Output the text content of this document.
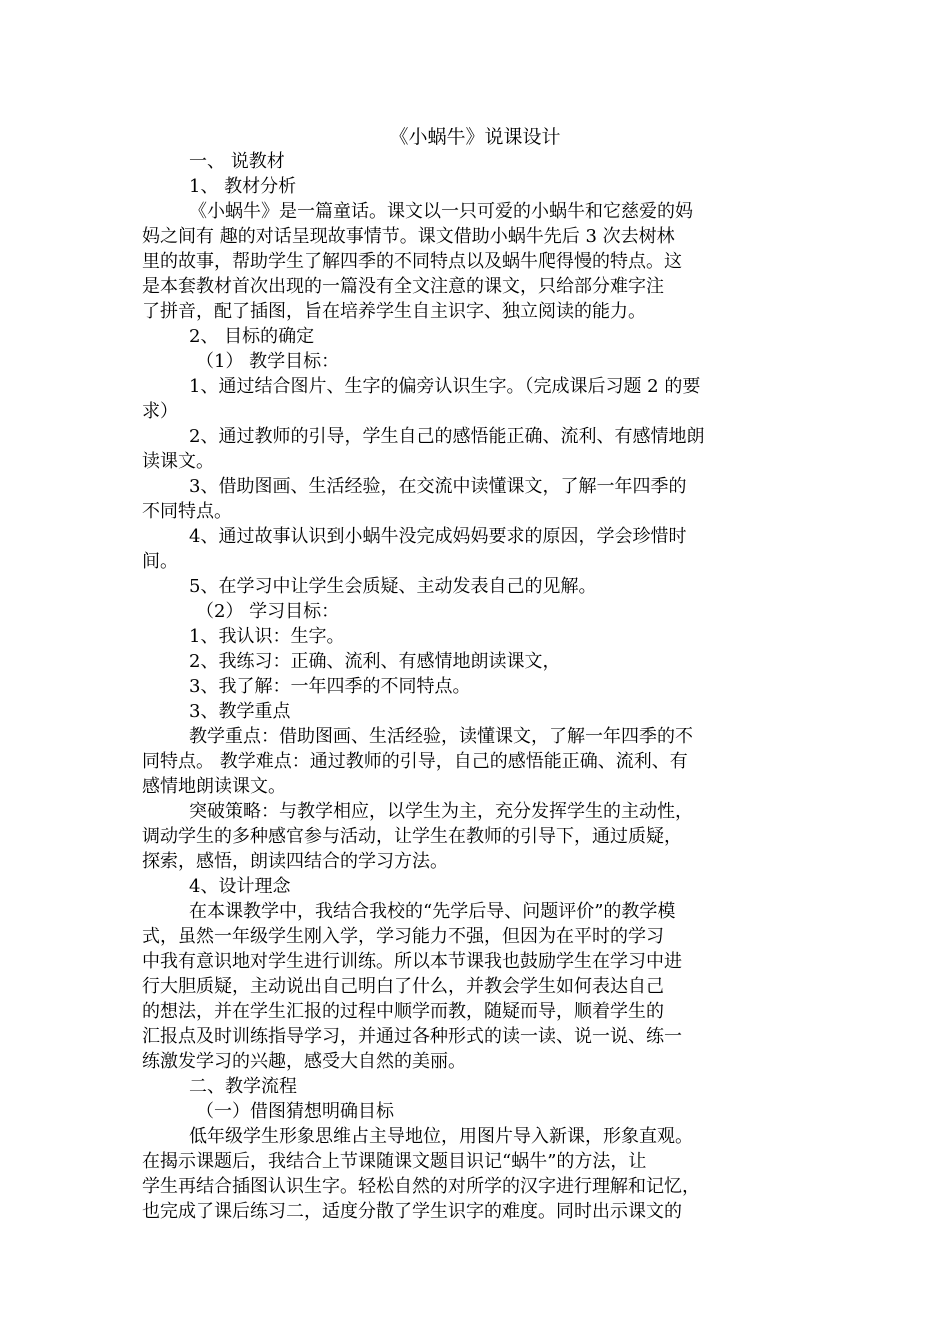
《小蜗牛》说课设计
一、 说教材
1、 教材分析
《小蜗牛》是一篇童话。课文以一只可爱的小蜗牛和它慈爱的妈
妈之间有 趣的对话呈现故事情节。课文借助小蜗牛先后 3 次去树林
里的故事，帮助学生了解四季的不同特点以及蜗牛爬得慢的特点。这
是本套教材首次出现的一篇没有全文注意的课文，只给部分难字注
了拼音，配了插图，旨在培养学生自主识字、独立阅读的能力。
2、 目标的确定
（1） 教学目标：
1、通过结合图片、生字的偏旁认识生字。（完成课后习题 2 的要
求）
2、通过教师的引导，学生自己的感悟能正确、流利、有感情地朗
读课文。
3、借助图画、生活经验，在交流中读懂课文，了解一年四季的
不同特点。
4、通过故事认识到小蜗牛没完成妈妈要求的原因，学会珍惜时
间。
5、在学习中让学生会质疑、主动发表自己的见解。
（2） 学习目标：
1、我认识：生字。
2、我练习：正确、流利、有感情地朗读课文，
3、我了解：一年四季的不同特点。
3、教学重点
教学重点：借助图画、生活经验，读懂课文，了解一年四季的不
同特点。 教学难点：通过教师的引导，自己的感悟能正确、流利、有
感情地朗读课文。
突破策略：与教学相应，以学生为主，充分发挥学生的主动性，
调动学生的多种感官参与活动，让学生在教师的引导下，通过质疑，
探索，感悟，朗读四结合的学习方法。
4、设计理念
在本课教学中，我结合我校的“先学后导、问题评价”的教学模
式，虽然一年级学生刚入学，学习能力不强，但因为在平时的学习
中我有意识地对学生进行训练。所以本节课我也鼓励学生在学习中进
行大胆质疑，主动说出自己明白了什么，并教会学生如何表达自己
的想法，并在学生汇报的过程中顺学而教，随疑而导，顺着学生的
汇报点及时训练指导学习，并通过各种形式的读一读、说一说、练一
练激发学习的兴趣，感受大自然的美丽。
二、教学流程
（一）借图猜想明确目标
低年级学生形象思维占主导地位，用图片导入新课，形象直观。
在揭示课题后，我结合上节课随课文题目识记“蜗牛”的方法，让
学生再结合插图认识生字。轻松自然的对所学的汉字进行理解和记忆，
也完成了课后练习二，适度分散了学生识字的难度。同时出示课文的
